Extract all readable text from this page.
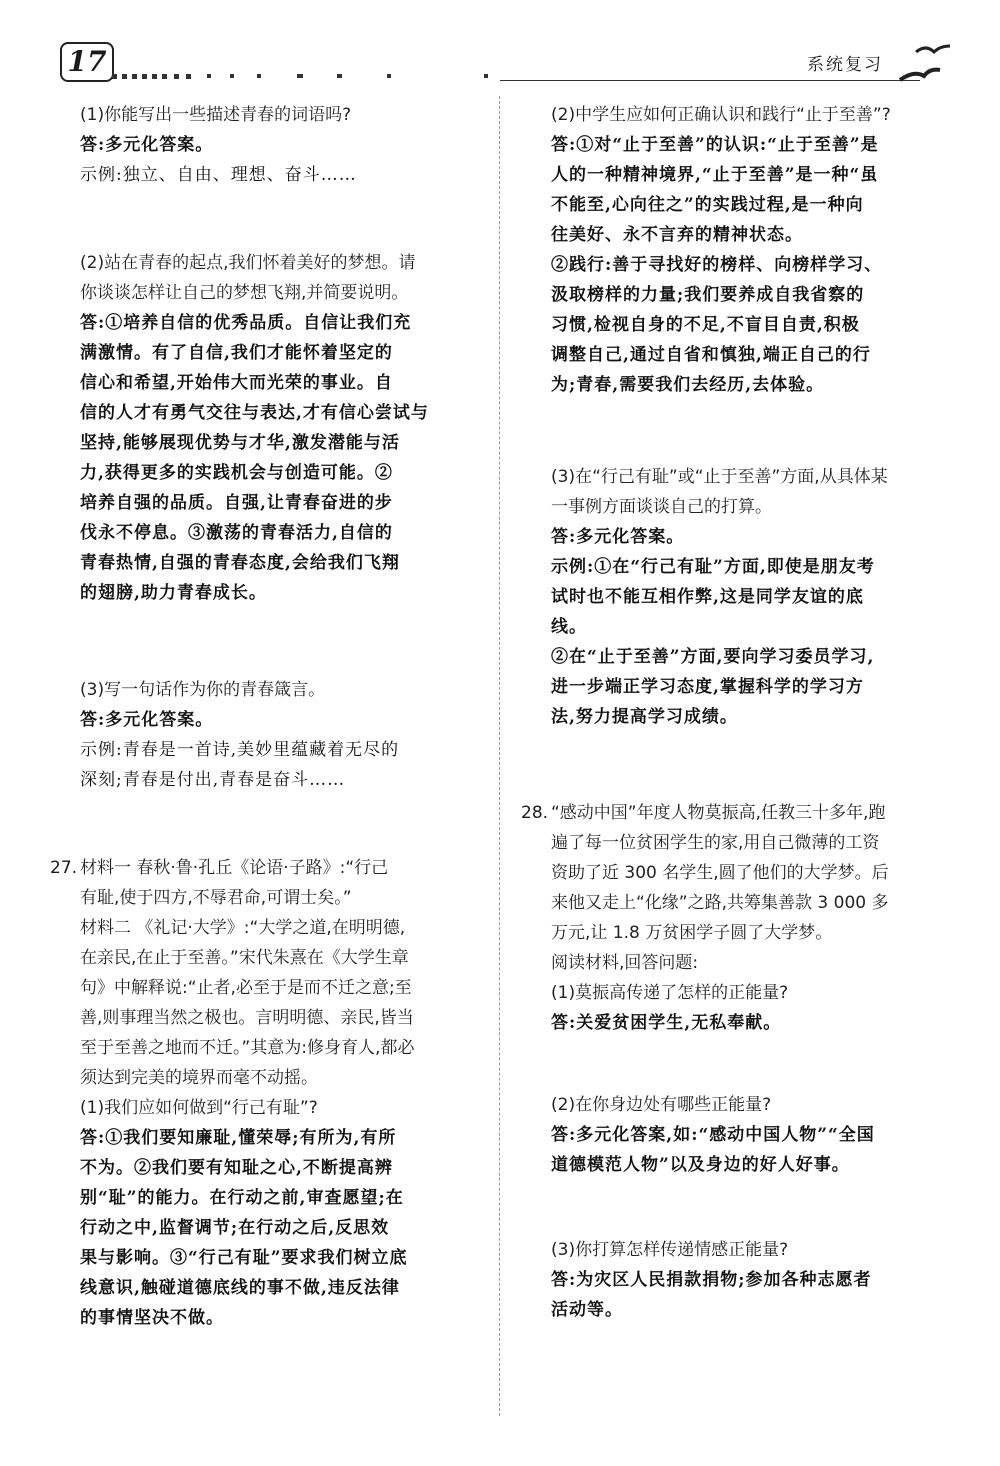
17	系统复习
(1)你能写出一些描述青春的词语吗?
答:多元化答案。
示例:独立、自由、理想、奋斗……
(2)站在青春的起点,我们怀着美好的梦想。请
你谈谈怎样让自己的梦想飞翔,并简要说明。
答:①培养自信的优秀品质。自信让我们充
满激情。有了自信,我们才能怀着坚定的
信心和希望,开始伟大而光荣的事业。自
信的人才有勇气交往与表达,才有信心尝试与
坚持,能够展现优势与才华,激发潜能与活
力,获得更多的实践机会与创造可能。②
培养自强的品质。自强,让青春奋进的步
伐永不停息。③激荡的青春活力,自信的
青春热情,自强的青春态度,会给我们飞翔
的翅膀,助力青春成长。
(3)写一句话作为你的青春箴言。
答:多元化答案。
示例:青春是一首诗,美妙里蕴藏着无尽的
深刻;青春是付出,青春是奋斗……
27. 材料一 春秋·鲁·孔丘《论语·子路》:“行己
有耻,使于四方,不辱君命,可谓士矣。”
材料二 《礼记·大学》:“大学之道,在明明德,
在亲民,在止于至善。”宋代朱熹在《大学生章
句》中解释说:“止者,必至于是而不迁之意;至
善,则事理当然之极也。言明明德、亲民,皆当
至于至善之地而不迁。”其意为:修身育人,都必
须达到完美的境界而毫不动摇。
(1)我们应如何做到“行己有耻”?
答:①我们要知廉耻,懂荣辱;有所为,有所
不为。②我们要有知耻之心,不断提高辨
别“耻”的能力。在行动之前,审查愿望;在
行动之中,监督调节;在行动之后,反思效
果与影响。③“行己有耻”要求我们树立底
线意识,触碰道德底线的事不做,违反法律
的事情坚决不做。
(2)中学生应如何正确认识和践行“止于至善”?
答:①对“止于至善”的认识:“止于至善”是
人的一种精神境界,“止于至善”是一种“虽
不能至,心向往之”的实践过程,是一种向
往美好、永不言弃的精神状态。
②践行:善于寻找好的榜样、向榜样学习、
汲取榜样的力量;我们要养成自我省察的
习惯,检视自身的不足,不盲目自责,积极
调整自己,通过自省和慎独,端正自己的行
为;青春,需要我们去经历,去体验。
(3)在“行己有耻”或“止于至善”方面,从具体某
一事例方面谈谈自己的打算。
答:多元化答案。
示例:①在“行己有耻”方面,即使是朋友考
试时也不能互相作弊,这是同学友谊的底
线。
②在“止于至善”方面,要向学习委员学习,
进一步端正学习态度,掌握科学的学习方
法,努力提高学习成绩。
28. “感动中国”年度人物莫振高,任教三十多年,跑
遍了每一位贫困学生的家,用自己微薄的工资
资助了近 300 名学生,圆了他们的大学梦。后
来他又走上“化缘”之路,共筹集善款 3 000 多
万元,让 1.8 万贫困学子圆了大学梦。
阅读材料,回答问题:
(1)莫振高传递了怎样的正能量?
答:关爱贫困学生,无私奉献。
(2)在你身边处有哪些正能量?
答:多元化答案,如:“感动中国人物”“全国
道德模范人物”以及身边的好人好事。
(3)你打算怎样传递情感正能量?
答:为灾区人民捐款捐物;参加各种志愿者
活动等。
